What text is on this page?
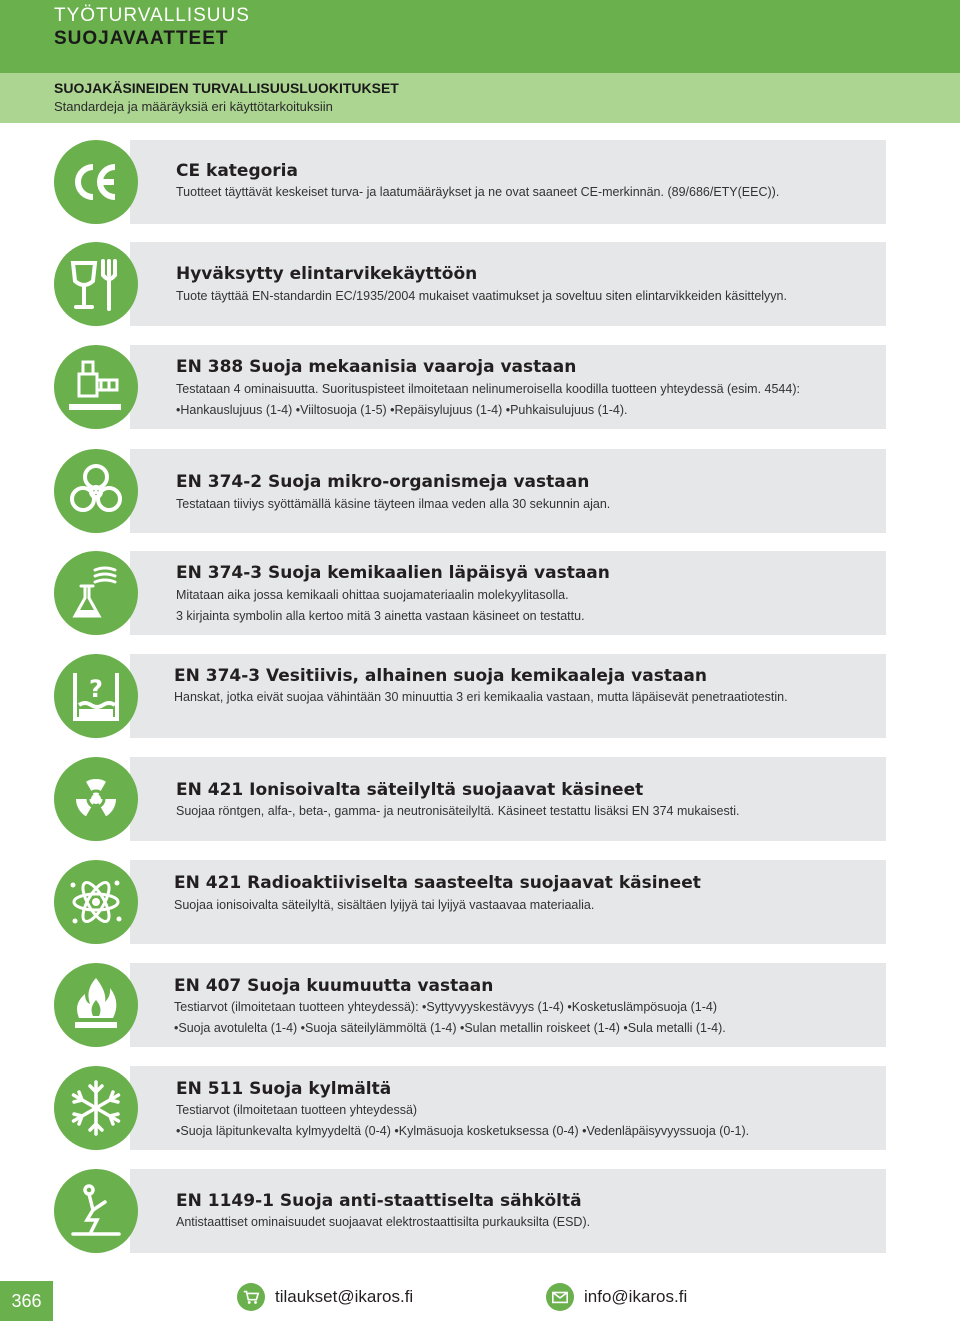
TYÖTURVALLISUUS
SUOJAVAATTEET
SUOJAKÄSINEIDEN TURVALLISUUSLUOKITUKSET
Standardeja ja määräyksiä eri käyttötarkoituksiin
CE kategoria
Tuotteet täyttävät keskeiset turva- ja laatumääräykset ja ne ovat saaneet CE-merkinnän. (89/686/ETY(EEC)).
Hyväksytty elintarvikekäyttöön
Tuote täyttää EN-standardin EC/1935/2004 mukaiset vaatimukset ja soveltuu siten elintarvikkeiden käsittelyyn.
EN 388 Suoja mekaanisia vaaroja vastaan
Testataan 4 ominaisuutta. Suorituspisteet ilmoitetaan nelinumeroisella koodilla tuotteen yhteydessä (esim. 4544):
•Hankauslujuus (1-4) •Viiltosuoja (1-5) •Repäisylujuus (1-4) •Puhkaisulujuus (1-4).
EN 374-2 Suoja mikro-organismeja vastaan
Testataan tiiviys syöttämällä käsine täyteen ilmaa veden alla 30 sekunnin ajan.
EN 374-3 Suoja kemikaalien läpäisyä vastaan
Mitataan aika jossa kemikaali ohittaa suojamateriaalin molekyylitasolla.
3 kirjainta symbolin alla kertoo mitä 3 ainetta vastaan käsineet on testattu.
?	EN 374-3 Vesitiivis, alhainen suoja kemikaaleja vastaan
Hanskat, jotka eivät suojaa vähintään 30 minuuttia 3 eri kemikaalia vastaan, mutta läpäisevät penetraatiotestin.
EN 421 Ionisoivalta säteilyltä suojaavat käsineet
Suojaa röntgen, alfa-, beta-, gamma- ja neutronisäteilyltä. Käsineet testattu lisäksi EN 374 mukaisesti.
EN 421 Radioaktiiviselta saasteelta suojaavat käsineet
Suojaa ionisoivalta säteilyltä, sisältäen lyijyä tai lyijyä vastaavaa materiaalia.
EN 407 Suoja kuumuutta vastaan
Testiarvot (ilmoitetaan tuotteen yhteydessä): •Syttyvyyskestävyys (1-4) •Kosketuslämpösuoja (1-4)
•Suoja avotulelta (1-4) •Suoja säteilylämmöltä (1-4) •Sulan metallin roiskeet (1-4) •Sula metalli (1-4).
EN 511 Suoja kylmältä
Testiarvot (ilmoitetaan tuotteen yhteydessä)
•Suoja läpitunkevalta kylmyydeltä (0-4) •Kylmäsuoja kosketuksessa (0-4) •Vedenläpäisyvyyssuoja (0-1).
EN 1149-1 Suoja anti-staattiselta sähköltä
Antistaattiset ominaisuudet suojaavat elektrostaattisilta purkauksilta (ESD).
366	tilaukset@ikaros.fi	info@ikaros.fi
